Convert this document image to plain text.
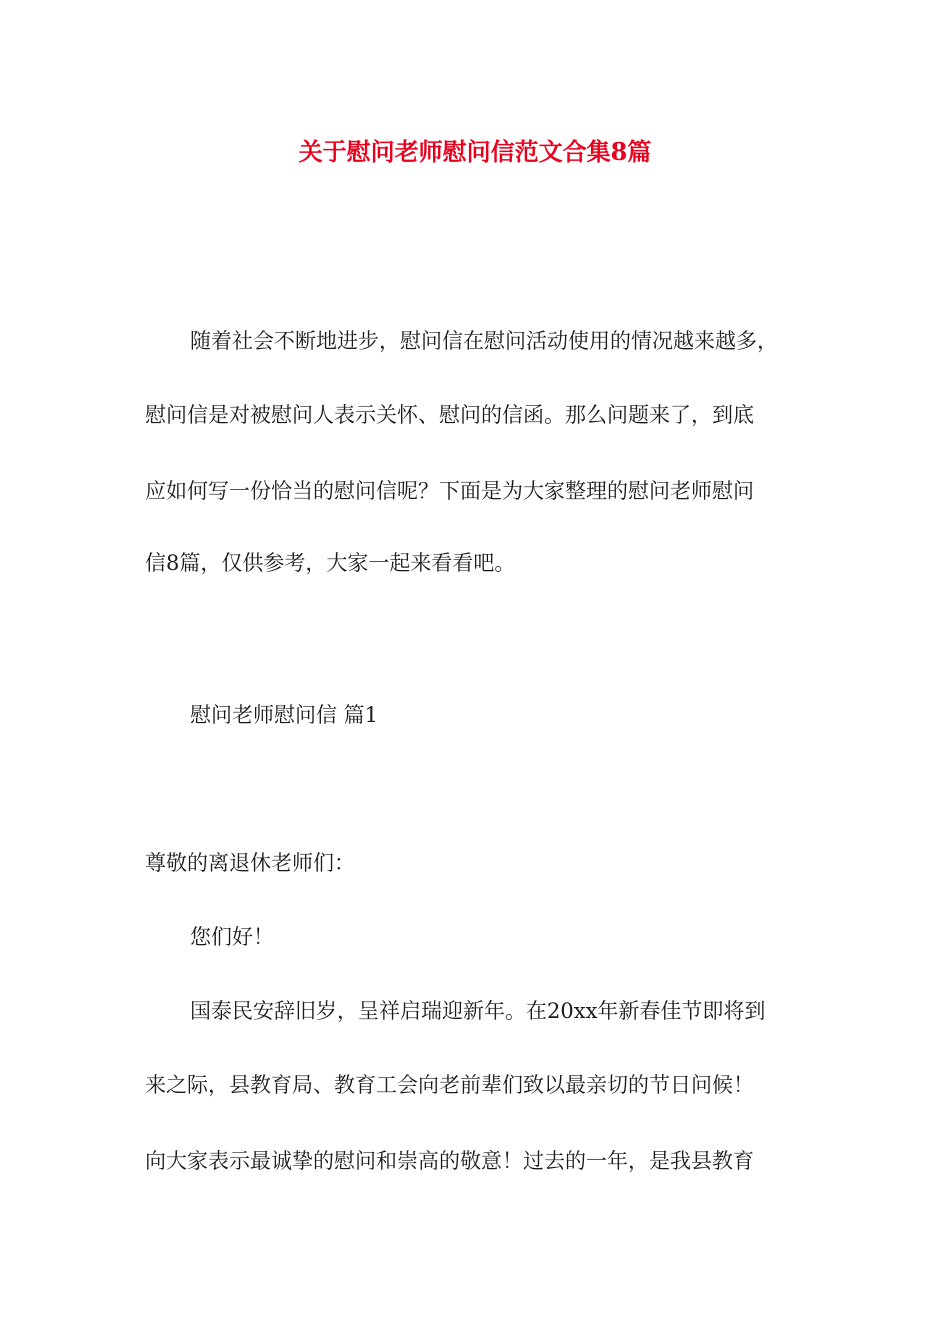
关于慰问老师慰问信范文合集8篇

随着社会不断地进步，慰问信在慰问活动使用的情况越来越多，

慰问信是对被慰问人表示关怀、慰问的信函。那么问题来了，到底

应如何写一份恰当的慰问信呢？下面是为大家整理的慰问老师慰问

信8篇，仅供参考，大家一起来看看吧。

慰问老师慰问信 篇1

尊敬的离退休老师们：

您们好！

国泰民安辞旧岁，呈祥启瑞迎新年。在20xx年新春佳节即将到

来之际，县教育局、教育工会向老前辈们致以最亲切的节日问候！

向大家表示最诚挚的慰问和崇高的敬意！过去的一年，是我县教育
